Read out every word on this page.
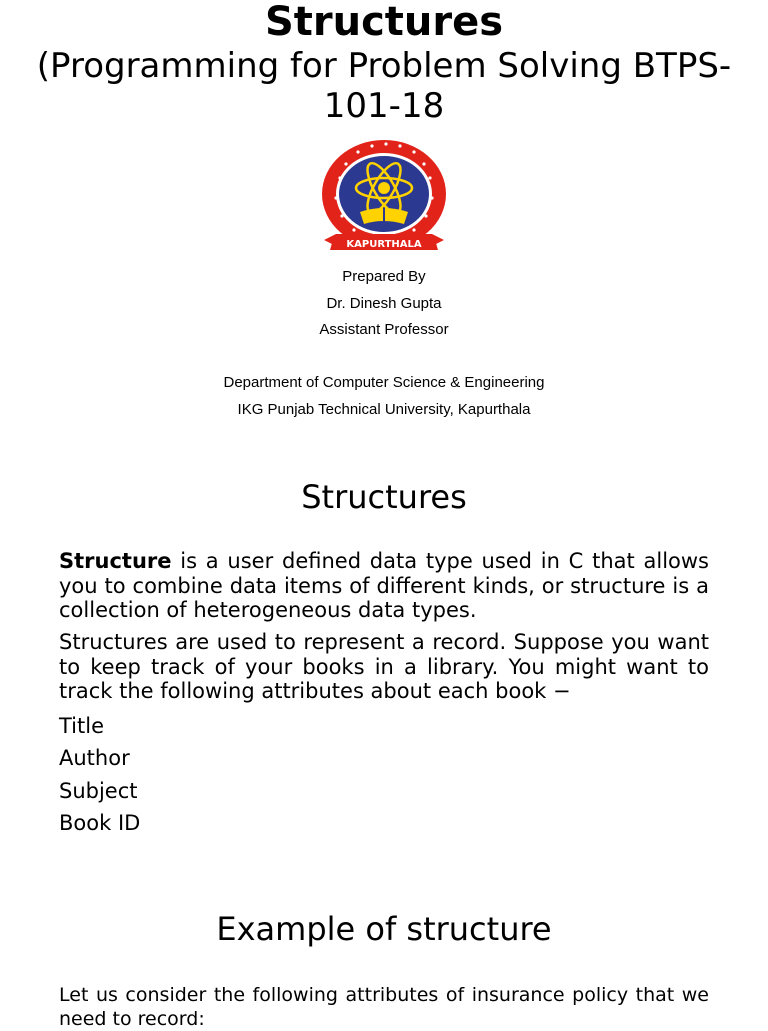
Structures
(Programming for Problem Solving BTPS-
101-18
KAPURTHALA
Prepared By
Dr. Dinesh Gupta
Assistant Professor
Department of Computer Science & Engineering
IKG Punjab Technical University, Kapurthala
Structures
Structure is a user defined data type used in C that allows you to combine data items of different kinds, or structure is a collection of heterogeneous data types.
Structures are used to represent a record. Suppose you want to keep track of your books in a library. You might want to track the following attributes about each book −
Title
Author
Subject
Book ID
Example of structure
Let us consider the following attributes of insurance policy that we need to record:
